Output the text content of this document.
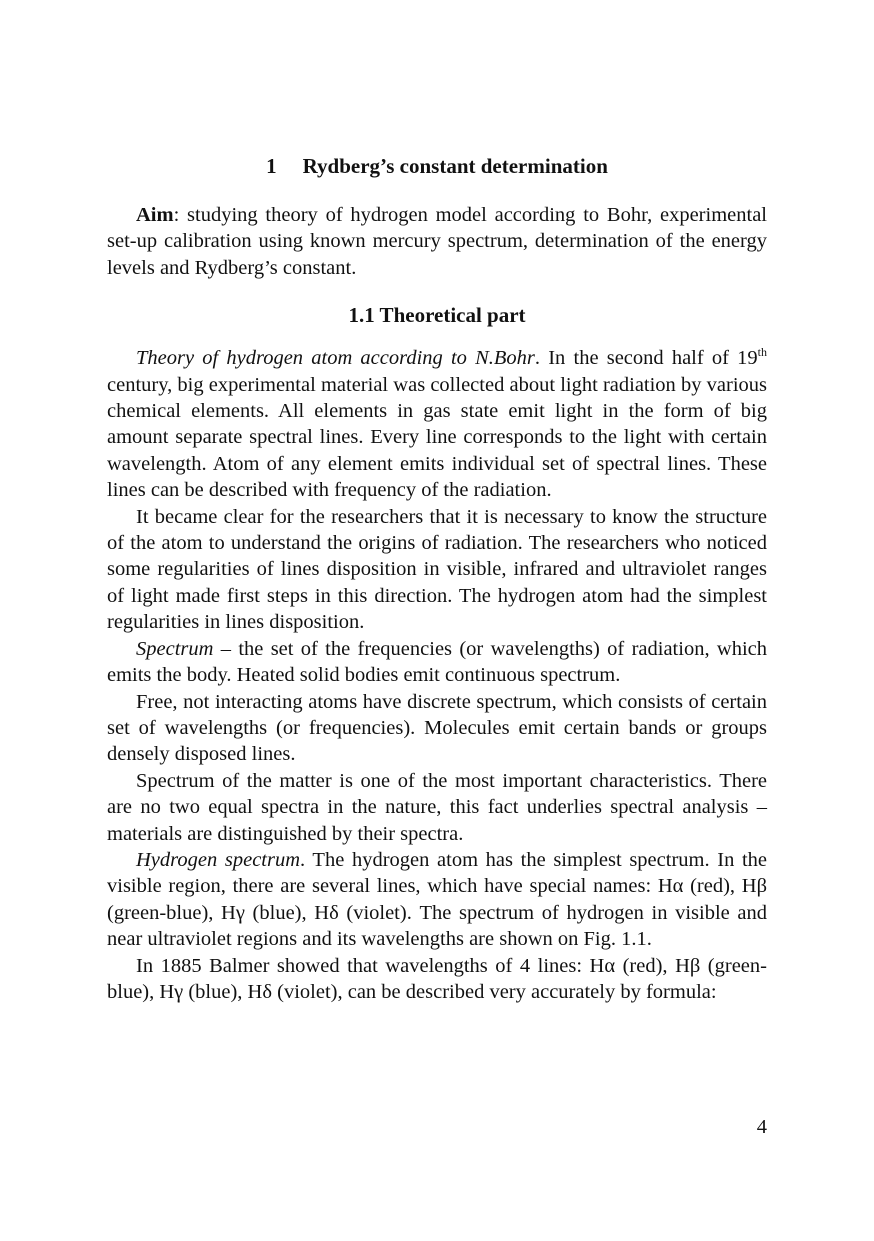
1 Rydberg’s constant determination

Aim: studying theory of hydrogen model according to Bohr, experimental set-up calibration using known mercury spectrum, determination of the energy levels and Rydberg’s constant.

1.1 Theoretical part

Theory of hydrogen atom according to N.Bohr. In the second half of 19th century, big experimental material was collected about light radiation by various chemical elements. All elements in gas state emit light in the form of big amount separate spectral lines. Every line corresponds to the light with certain wavelength. Atom of any element emits individual set of spectral lines. These lines can be described with frequency of the radiation.

It became clear for the researchers that it is necessary to know the structure of the atom to understand the origins of radiation. The researchers who noticed some regularities of lines disposition in visible, infrared and ultraviolet ranges of light made first steps in this direction. The hydrogen atom had the simplest regularities in lines disposition.

Spectrum – the set of the frequencies (or wavelengths) of radiation, which emits the body. Heated solid bodies emit continuous spectrum.

Free, not interacting atoms have discrete spectrum, which consists of certain set of wavelengths (or frequencies). Molecules emit certain bands or groups densely disposed lines.

Spectrum of the matter is one of the most important characteristics. There are no two equal spectra in the nature, this fact underlies spectral analysis – materials are distinguished by their spectra.

Hydrogen spectrum. The hydrogen atom has the simplest spectrum. In the visible region, there are several lines, which have special names: Hα (red), Hβ (green-blue), Hγ (blue), Hδ (violet). The spectrum of hydrogen in visible and near ultraviolet regions and its wavelengths are shown on Fig. 1.1.

In 1885 Balmer showed that wavelengths of 4 lines: Hα (red), Hβ (green-blue), Hγ (blue), Hδ (violet), can be described very accurately by formula:

4
